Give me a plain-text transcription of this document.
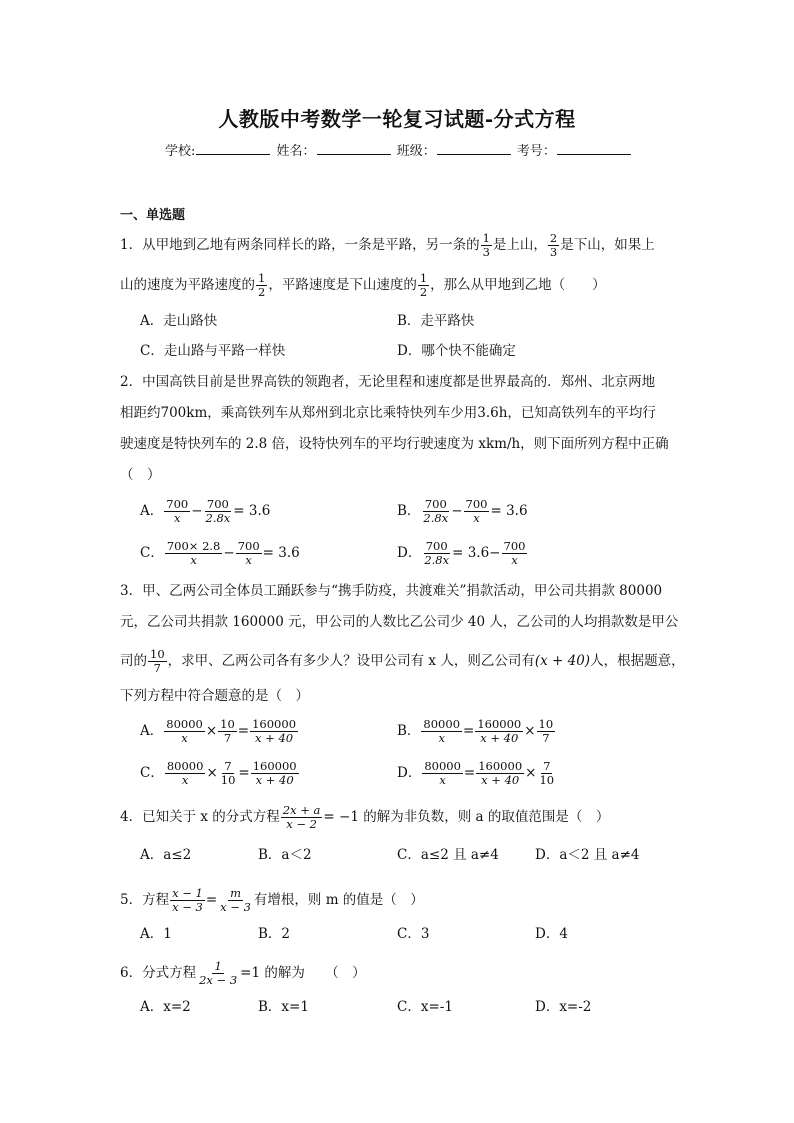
人教版中考数学一轮复习试题-分式方程
学校:	姓名：	班级：	考号：
一、单选题
1．从甲地到乙地有两条同样长的路，一条是平路，另一条的 $\frac{1}{3}$ 是上山， $\frac{2}{3}$ 是下山，如果上
山的速度为平路速度的 $\frac{1}{2}$ ，平路速度是下山速度的 $\frac{1}{2}$ ，那么从甲地到乙地（　　）
A．走山路快	B．走平路快
C．走山路与平路一样快	D．哪个快不能确定
2．中国高铁目前是世界高铁的领跑者，无论里程和速度都是世界最高的．郑州、北京两地
相距约700km，乘高铁列车从郑州到北京比乘特快列车少用3.6h，已知高铁列车的平均行
驶速度是特快列车的 2.8 倍，设特快列车的平均行驶速度为 xkm/h，则下面所列方程中正确
（　）
A． $\frac{700}{x} - \frac{700}{2.8x} = 3.6$	B． $\frac{700}{2.8x} - \frac{700}{x} = 3.6$
C． $\frac{700\times 2.8}{x} - \frac{700}{x} = 3.6$	D． $\frac{700}{2.8x} = 3.6- \frac{700}{x}$
3．甲、乙两公司全体员工踊跃参与“携手防疫，共渡难关”捐款活动，甲公司共捐款 80000
元，乙公司共捐款 160000 元，甲公司的人数比乙公司少 40 人，乙公司的人均捐款数是甲公
司的 $\frac{10}{7}$ ，求甲、乙两公司各有多少人？设甲公司有 x 人，则乙公司有(x + 40)人，根据题意，
下列方程中符合题意的是（　）
A． $\frac{80000}{x} \times \frac{10}{7} = \frac{160000}{x + 40}$	B． $\frac{80000}{x} = \frac{160000}{x + 40} \times \frac{10}{7}$
C． $\frac{80000}{x} \times \frac{7}{10} = \frac{160000}{x + 40}$	D． $\frac{80000}{x} = \frac{160000}{x + 40} \times \frac{7}{10}$
4．已知关于 x 的分式方程 $\frac{2x + a}{x - 2} = -1$ 的解为非负数，则 a 的取值范围是（　）
A．a≤2	B．a＜2	C．a≤2 且 a≠4	D．a＜2 且 a≠4
5．方程 $\frac{x - 1}{x - 3} = \frac{m}{x - 3}$ 有增根，则 m 的值是（　）
A．1	B．2	C．3	D．4
6．分式方程 $\frac{1}{2x - 3} =1$ 的解为　　（　）
A．x=2	B．x=1	C．x=-1	D．x=-2
